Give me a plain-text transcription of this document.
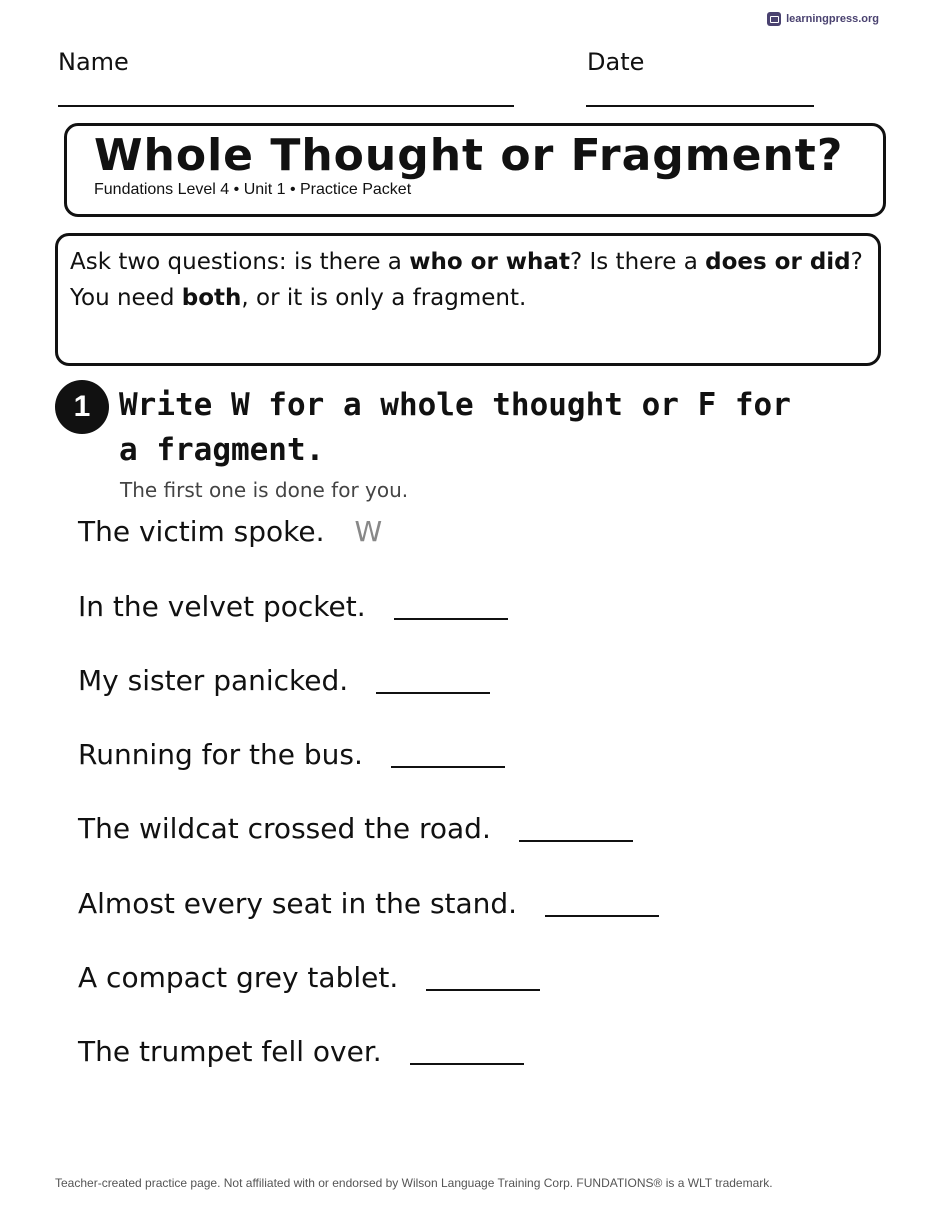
learningpress.org
Name	Date
Whole Thought or Fragment?
Fundations Level 4 • Unit 1 • Practice Packet
Ask two questions: is there a who or what? Is there a does or did?
You need both, or it is only a fragment.
1 Write W for a whole thought or F for a fragment.
The first one is done for you.
The victim spoke. W
In the velvet pocket.
My sister panicked.
Running for the bus.
The wildcat crossed the road.
Almost every seat in the stand.
A compact grey tablet.
The trumpet fell over.
Teacher-created practice page. Not affiliated with or endorsed by Wilson Language Training Corp. FUNDATIONS® is a WLT trademark.
